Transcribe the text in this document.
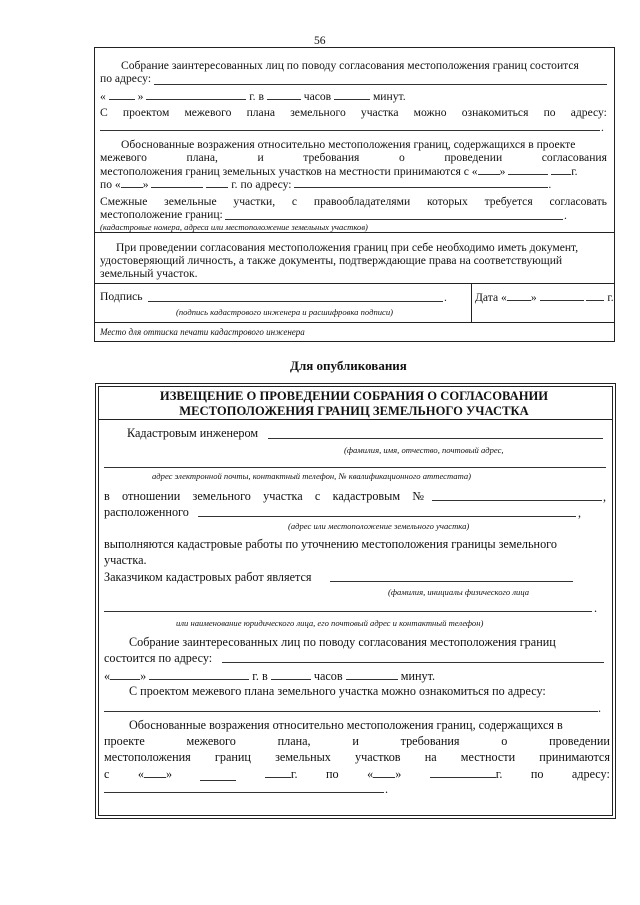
56
Собрание заинтересованных лиц по поводу согласования местоположения границ состоится
по адресу:
«	»	г. в	часов	минут.
С проектом межевого плана земельного участка можно ознакомиться по адресу:
.
Обоснованные возражения относительно местоположения границ, содержащихся в проекте
межевого	плана,	и	требования	о	проведении	согласования
местоположения границ земельных участков на местности принимаются с « »	г.
по « »	г. по адресу:	.
Смежные земельные участки, с правообладателями которых требуется согласовать
местоположение границ:	.
(кадастровые номера, адреса или местоположение земельных участков)
При проведении согласования местоположения границ при себе необходимо иметь документ,
удостоверяющий личность, а также документы, подтверждающие права на соответствующий
земельный участок.
Подпись	.
(подпись кадастрового инженера и расшифровка подписи)
Дата « »	г.
Место для оттиска печати кадастрового инженера
Для опубликования
ИЗВЕЩЕНИЕ О ПРОВЕДЕНИИ СОБРАНИЯ О СОГЛАСОВАНИИ
МЕСТОПОЛОЖЕНИЯ ГРАНИЦ ЗЕМЕЛЬНОГО УЧАСТКА
Кадастровым инженером
(фамилия, имя, отчество, почтовый адрес,
адрес электронной почты, контактный телефон, № квалификационного аттестата)
в отношении земельного участка с кадастровым №	,
расположенного	,
(адрес или местоположение земельного участка)
выполняются кадастровые работы по уточнению местоположения границы земельного
участка.
Заказчиком кадастровых работ является
(фамилия, инициалы физического лица
.
или наименование юридического лица, его почтовый адрес и контактный телефон)
Собрание заинтересованных лиц по поводу согласования местоположения границ
состоится по адресу:
« »	г. в	часов	минут.
С проектом межевого плана земельного участка можно ознакомиться по адресу:
.
Обоснованные возражения относительно местоположения границ, содержащихся в
проекте	межевого	плана,	и	требования	о	проведении
местоположения границ земельных участков на местности принимаются
с « »	г. по « »	г. по адресу:
.
